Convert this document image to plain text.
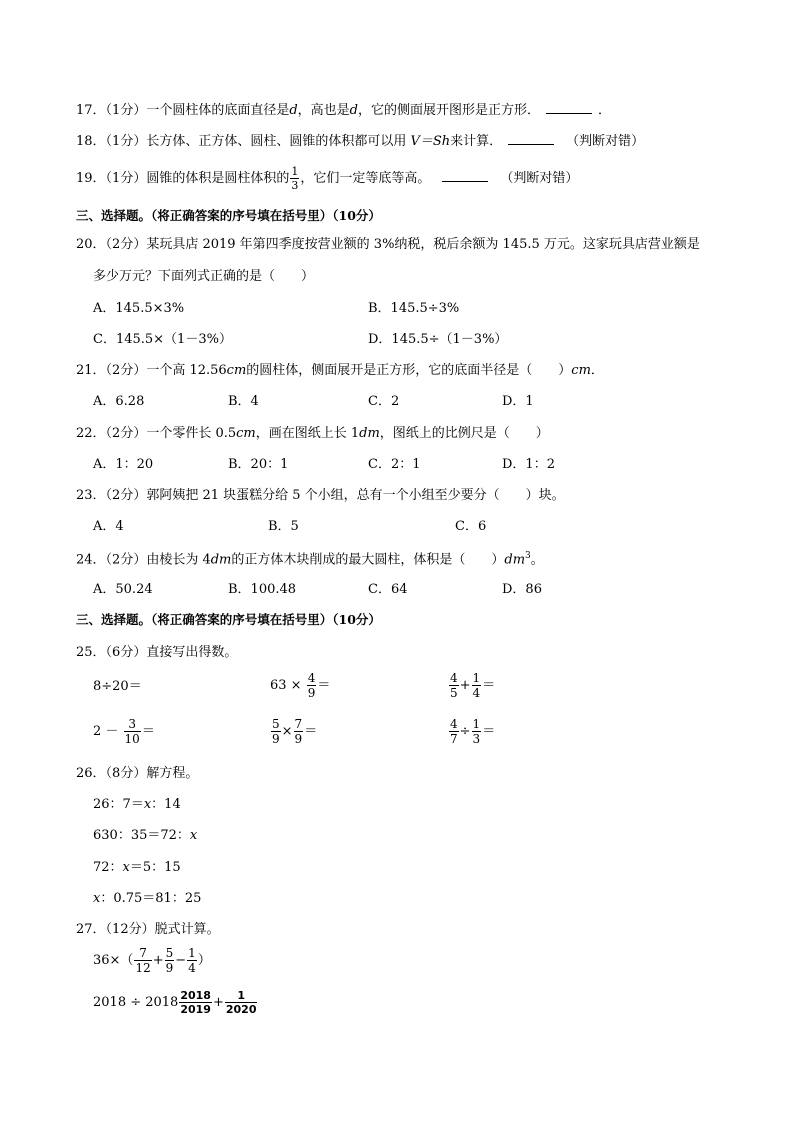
17．（1分）一个圆柱体的底面直径是d，高也是d，它的侧面展开图形是正方形．	．
18．（1分）长方体、正方体、圆柱、圆锥的体积都可以用 V＝Sh来计算．	（判断对错）
19．（1分）圆锥的体积是圆柱体积的 $\frac{1}{3}$ ，它们一定等底等高。	（判断对错）
三、选择题。（将正确答案的序号填在括号里）（10分）
20．（2分）某玩具店 2019 年第四季度按营业额的 3%纳税，税后余额为 145.5 万元。这家玩具店营业额是
多少万元？下面列式正确的是（　　）
A．145.5×3%	B．145.5÷3%
C．145.5×（1－3%）	D．145.5÷（1－3%）
21．（2分）一个高 12.56cm的圆柱体，侧面展开是正方形，它的底面半径是（　　）cm．
A．6.28	B．4	C．2	D．1
22．（2分）一个零件长 0.5cm，画在图纸上长 1dm，图纸上的比例尺是（　　）
A．1：20	B．20：1	C．2：1	D．1：2
23．（2分）郭阿姨把 21 块蛋糕分给 5 个小组，总有一个小组至少要分（　　）块。
A．4	B．5	C．6
24．（2分）由棱长为 4dm的正方体木块削成的最大圆柱，体积是（　　）$dm^3$。
A．50.24	B．100.48	C．64	D．86
三、选择题。（将正确答案的序号填在括号里）（10分）
25．（6分）直接写出得数。
8÷20＝	$63 \times \frac{4}{9}$ ＝	$\frac{4}{5} + \frac{1}{4}$ ＝
$2 - \frac{3}{10}$ ＝	$\frac{5}{9} \times \frac{7}{9}$ ＝	$\frac{4}{7} \div \frac{1}{3}$ ＝
26．（8分）解方程。
26：7＝x：14
630：35＝72：x
72：x＝5：15
x：0.75＝81：25
27．（12分）脱式计算。
$36\times( \frac{7}{12} + \frac{5}{9} - \frac{1}{4}$ ）
$2018 \div 2018 \frac{2018}{2019} + \frac{1}{2020}$
